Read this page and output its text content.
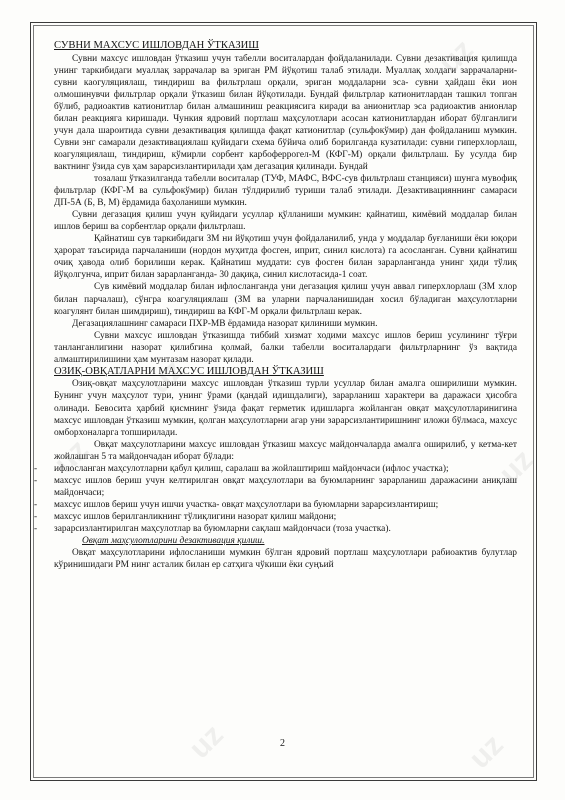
uz
uz
uz
uz
uz	uz
СУВНИ МАХСУС ИШЛОВДАН ЎТКАЗИШ

Сувни махсус ишловдан ўтказиш учун табелли воситалардан фойдаланилади. Сувни дезактивация қилишда унинг таркибидаги муаллақ заррачалар ва эриган РМ йўқотиш талаб этилади. Муаллақ холдаги заррачаларни- сувни каогуляциялаш, тиндириш ва фильтрлаш орқали, эриган моддаларни эса- сувни ҳайдаш ёки ион олмошинувчи фильтрлар орқали ўтказиш билан йўқотилади. Бундай фильтрлар катионитлардан ташкил топган бўлиб, радиоактив катионитлар билан алмашиниш реакциясига киради ва анионитлар эса радиоактив анионлар билан реакцияга киришади. Чункия ядровий портлаш маҳсулотлари асосан катионитлардан иборат бўлганлиги учун дала шароитида сувни дезактивация қилишда фақат катионитлар (сульфокўмир) дан фойдаланиш мумкин. Сувни энг самарали дезактивациялаш қуйидаги схема бўйича олиб борилганда кузатилади: сувни гиперхлорлаш, коагуляциялаш, тиндириш, кўмирли сорбент карбоферрогел-М (КФГ-М) орқали фильтрлаш. Бу усулда бир вактнинг ўзида сув ҳам зарарсизлантирилади ҳам дегазация қилинади. Бундай

тозалаш ўтказилганда табелли воситалар (ТУФ, МАФС, ВФС-сув фильтрлаш станцияси) шунга мувофиқ фильтрлар (КФГ-М ва сульфокўмир) билан тўлдирилиб туриши талаб этилади. Дезактивацияннинг самараси ДП-5А (Б, В, М) ёрдамида баҳоланиши мумкин.

Сувни дегазация қилиш учун қуйидаги усуллар қўлланиши мумкин: қайнатиш, кимёвий моддалар билан ишлов бериш ва сорбентлар орқали фильтрлаш.

Қайнатиш сув таркибидаги ЗМ ни йўқотиш учун фойдаланилиб, унда у моддалар буғланиши ёки юқори ҳарорат таъсирида парчаланиши (нордон муҳитда фосген, иприт, синил кислота) га асосланган. Сувни қайнатиш очиқ ҳавода олиб борилиши керак. Қайнатиш муддати: сув фосген билан зарарланганда унинг ҳиди тўлиқ йўқолгунча, иприт билан зарарланганда- 30 дақиқа, синил кислотасида-1 соат.

Сув кимёвий моддалар билан ифлосланганда уни дегазация қилиш учун аввал гиперхлорлаш (ЗМ хлор билан парчалаш), сўнгра коагуляциялаш (ЗМ ва уларни парчаланишидан хосил бўладиган маҳсулотларни коагулянт билан шимдириш), тиндириш ва КФГ-М орқали фильтрлаш керак.

Дегазациялашнинг самараси ПХР-МВ ёрдамида назорат қилиниши мумкин.

Сувни махсус ишловдан ўтказишда тиббий хизмат ходими махсус ишлов бериш усулининг тўғри танланганлигини назорат қилибгина қолмай, балки табелли воситалардаги фильтрларнинг ўз вақтида алмаштирилишини ҳам мунтазам назорат қилади.

ОЗИҚ-ОВҚАТЛАРНИ МАХСУС ИШЛОВДАН ЎТКАЗИШ

Озиқ-овқат маҳсулотларини махсус ишловдан ўтказиш турли усуллар билан амалга оширилиши мумкин. Бунинг учун маҳсулот тури, унинг ўрами (қандай идишдалиги), зарарланиш характери ва даражаси ҳисобга олинади. Бевосита ҳарбий қисмнинг ўзида фақат герметик идишларга жойланган овқат маҳсулотларинигина махсус ишловдан ўтказиш мумкин, қолган маҳсулотларни агар уни зарарсизлантиришнинг иложи бўлмаса, махсус омборхоналарга топширилади.

Овқат маҳсулотларини махсус ишловдан ўтказиш махсус майдончаларда амалга оширилиб, у кетма-кет жойлашган 5 та майдончадан иборат бўлади:

- ифлосланган маҳсулотларни қабул қилиш, саралаш ва жойлаштириш майдончаси (ифлос участка);
- махсус ишлов бериш учун келтирилган овқат маҳсулотлари ва буюмларнинг зарарланиш даражасини аниқлаш майдончаси;
- махсус ишлов бериш учун ишчи участка- овқат маҳсулотлари ва буюмларни зарарсизлантириш;
- махсус ишлов берилганликнинг тўлиқлигини назорат қилиш майдони;
- зарарсизлантирилган маҳсулотлар ва буюмларни сақлаш майдончаси (тоза участка).

Овқат маҳсулотларини дезактивация қилиш.

Овқат маҳсулотларини ифлосланиши мумкин бўлган ядровий портлаш маҳсулотлари рабиоактив булутлар кўринишидаги РМ нинг асталик билан ер сатҳига чўкиши ёки суңъий

2
